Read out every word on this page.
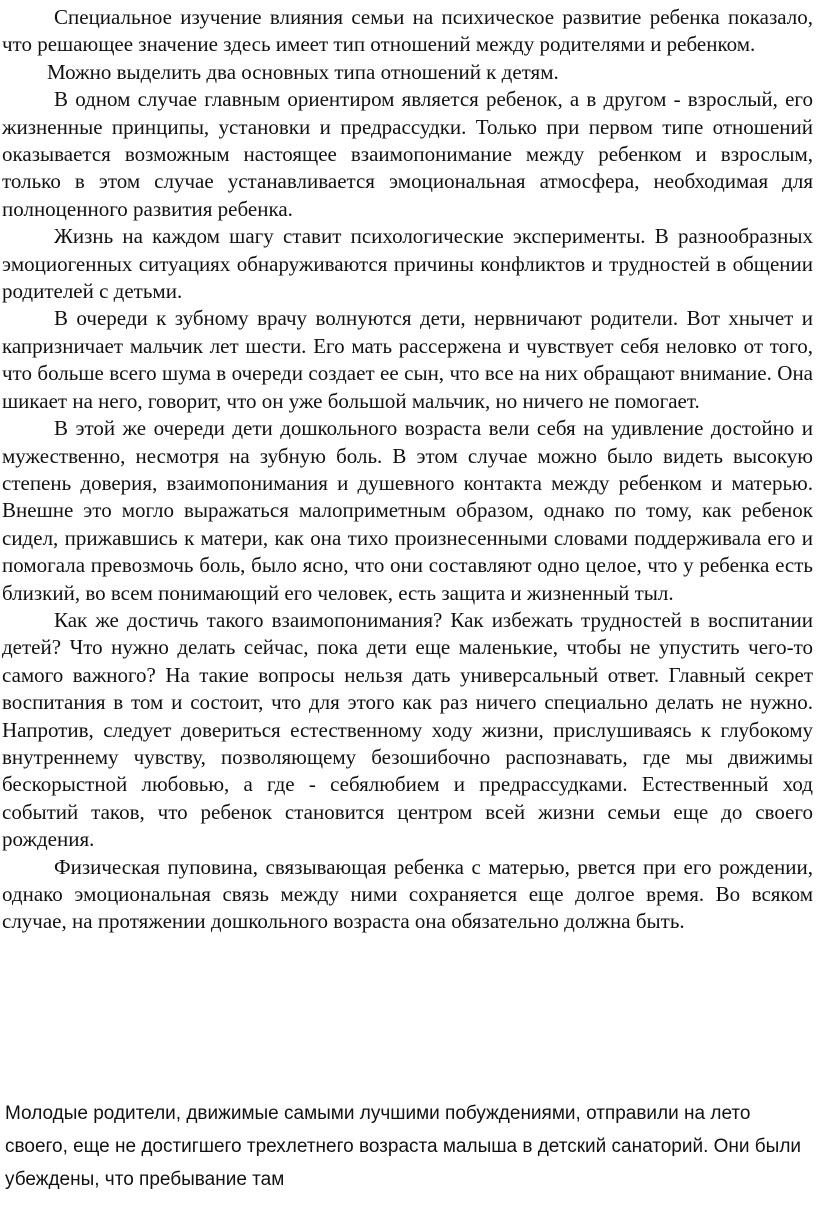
Специальное изучение влияния семьи на психическое развитие ребенка показало, что решающее значение здесь имеет тип отношений между родителями и ребенком.

Можно выделить два основных типа отношений к детям.

В одном случае главным ориентиром является ребенок, а в другом - взрослый, его жизненные принципы, установки и предрассудки. Только при первом типе отношений оказывается возможным настоящее взаимопонимание между ребенком и взрослым, только в этом случае устанавливается эмоциональная атмосфера, необходимая для полноценного развития ребенка.

Жизнь на каждом шагу ставит психологические эксперименты. В разнообразных эмоциогенных ситуациях обнаруживаются причины конфликтов и трудностей в общении родителей с детьми.

В очереди к зубному врачу волнуются дети, нервничают родители. Вот хнычет и капризничает мальчик лет шести. Его мать рассержена и чувствует себя неловко от того, что больше всего шума в очереди создает ее сын, что все на них обращают внимание. Она шикает на него, говорит, что он уже большой мальчик, но ничего не помогает.

В этой же очереди дети дошкольного возраста вели себя на удивление достойно и мужественно, несмотря на зубную боль. В этом случае можно было видеть высокую степень доверия, взаимопонимания и душевного контакта между ребенком и матерью. Внешне это могло выражаться малоприметным образом, однако по тому, как ребенок сидел, прижавшись к матери, как она тихо произнесенными словами поддерживала его и помогала превозмочь боль, было ясно, что они составляют одно целое, что у ребенка есть близкий, во всем понимающий его человек, есть защита и жизненный тыл.

Как же достичь такого взаимопонимания? Как избежать трудностей в воспитании детей? Что нужно делать сейчас, пока дети еще маленькие, чтобы не упустить чего-то самого важного? На такие вопросы нельзя дать универсальный ответ. Главный секрет воспитания в том и состоит, что для этого как раз ничего специально делать не нужно. Напротив, следует довериться естественному ходу жизни, прислушиваясь к глубокому внутреннему чувству, позволяющему безошибочно распознавать, где мы движимы бескорыстной любовью, а где - себялюбием и предрассудками. Естественный ход событий таков, что ребенок становится центром всей жизни семьи еще до своего рождения.

Физическая пуповина, связывающая ребенка с матерью, рвется при его рождении, однако эмоциональная связь между ними сохраняется еще долгое время. Во всяком случае, на протяжении дошкольного возраста она обязательно должна быть.

Молодые родители, движимые самыми лучшими побуждениями, отправили на лето своего, еще не достигшего трехлетнего возраста малыша в детский санаторий. Они были убеждены, что пребывание там
